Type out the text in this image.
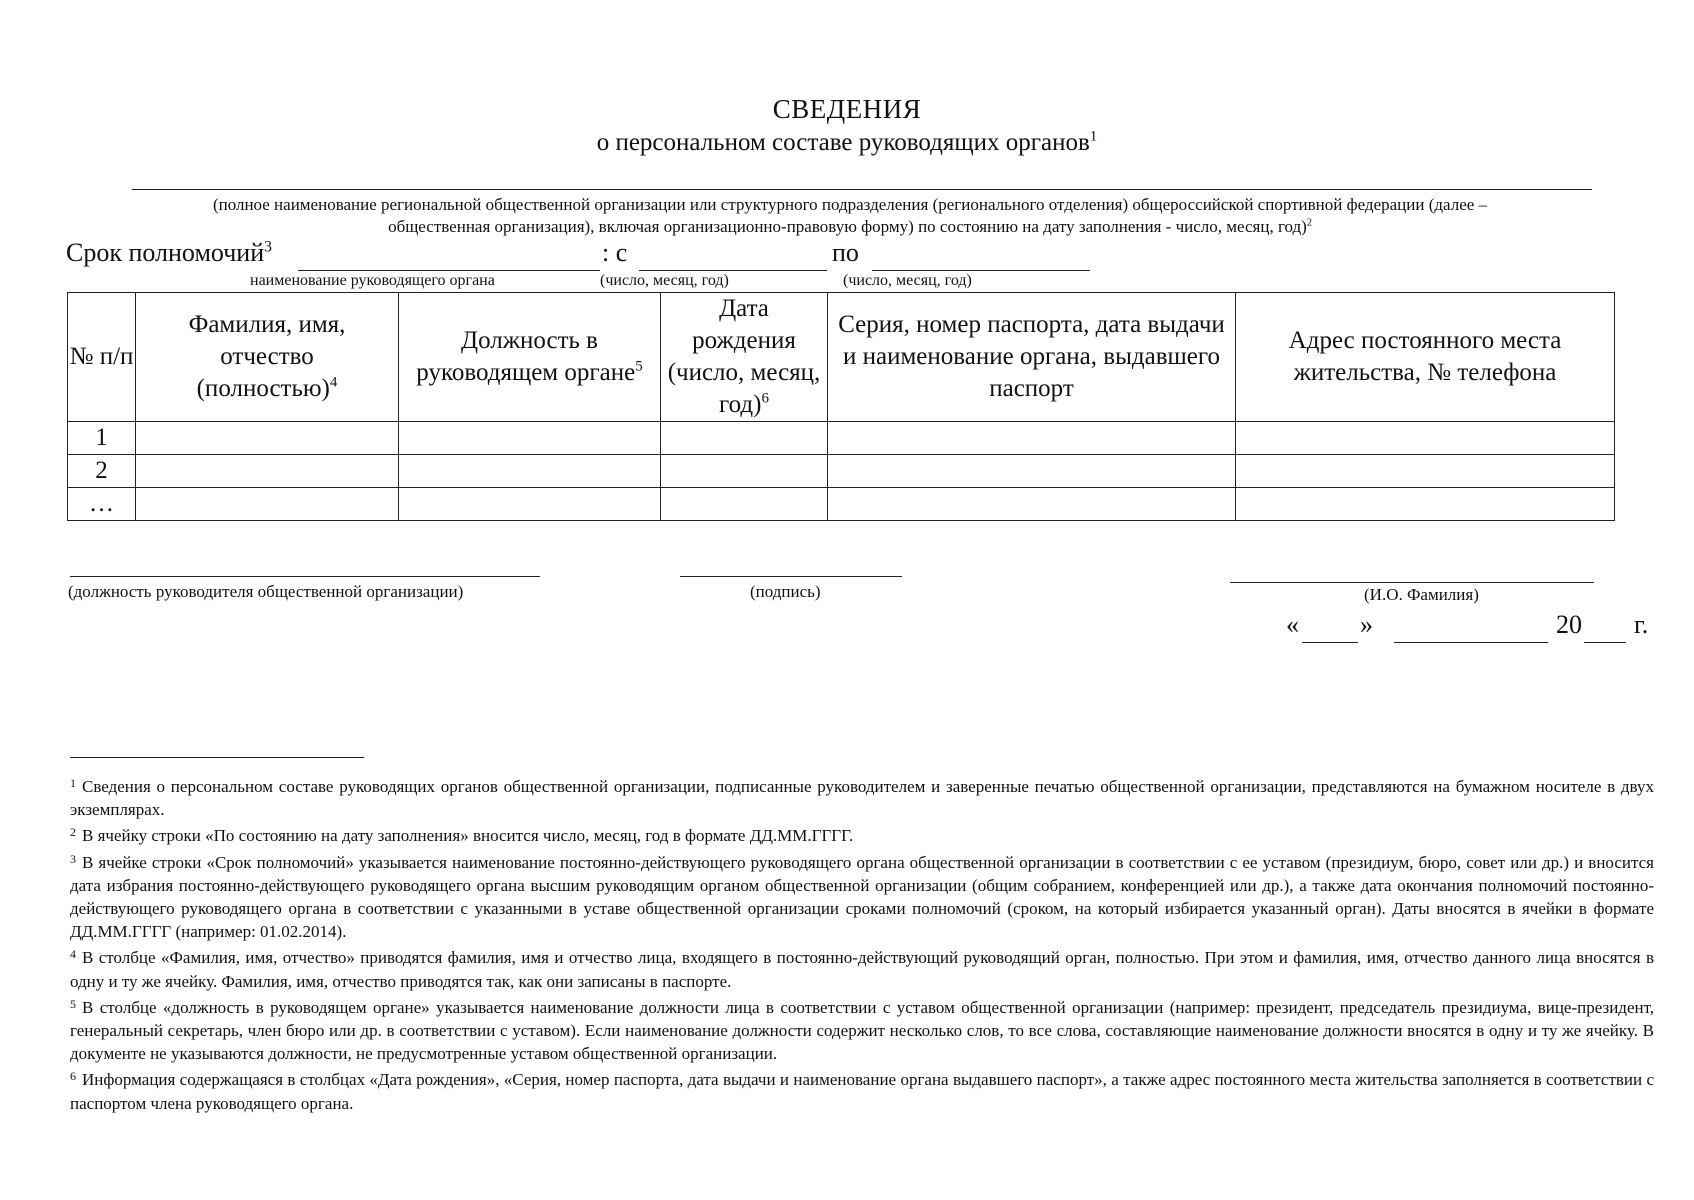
СВЕДЕНИЯ
о персональном составе руководящих органов$^1$
(полное наименование региональной общественной организации или структурного подразделения (регионального отделения) общероссийской спортивной федерации (далее –
общественная организация), включая организационно-правовую форму) по состоянию на дату заполнения - число, месяц, год)$^2$
Срок полномочий$^3$	: с	по
наименование руководящего органа	(число, месяц, год)	(число, месяц, год)
№ п/п	Фамилия, имя, отчество (полностью)$^4$	Должность в руководящем органе$^5$	Дата рождения (число, месяц, год)$^6$	Серия, номер паспорта, дата выдачи и наименование органа, выдавшего паспорт	Адрес постоянного места жительства, № телефона
1					
2					
…					
(должность руководителя общественной организации)	(подпись)	(И.О. Фамилия)
« »	20 г.

$^1$ Сведения о персональном составе руководящих органов общественной организации, подписанные руководителем и заверенные печатью общественной организации, представляются на бумажном носителе в двух экземплярах.

$^2$ В ячейку строки «По состоянию на дату заполнения» вносится число, месяц, год в формате ДД.ММ.ГГГГ.

$^3$ В ячейке строки «Срок полномочий» указывается наименование постоянно-действующего руководящего органа общественной организации в соответствии с ее уставом (президиум, бюро, совет или др.) и вносится дата избрания постоянно-действующего руководящего органа высшим руководящим органом общественной организации (общим собранием, конференцией или др.), а также дата окончания полномочий постоянно-действующего руководящего органа в соответствии с указанными в уставе общественной организации сроками полномочий (сроком, на который избирается указанный орган). Даты вносятся в ячейки в формате ДД.ММ.ГГГГ (например: 01.02.2014).

$^4$ В столбце «Фамилия, имя, отчество» приводятся фамилия, имя и отчество лица, входящего в постоянно-действующий руководящий орган, полностью. При этом и фамилия, имя, отчество данного лица вносятся в одну и ту же ячейку. Фамилия, имя, отчество приводятся так, как они записаны в паспорте.

$^5$ В столбце «должность в руководящем органе» указывается наименование должности лица в соответствии с уставом общественной организации (например: президент, председатель президиума, вице-президент, генеральный секретарь, член бюро или др. в соответствии с уставом). Если наименование должности содержит несколько слов, то все слова, составляющие наименование должности вносятся в одну и ту же ячейку. В документе не указываются должности, не предусмотренные уставом общественной организации.

$^6$ Информация содержащаяся в столбцах «Дата рождения», «Серия, номер паспорта, дата выдачи и наименование органа выдавшего паспорт», а также адрес постоянного места жительства заполняется в соответствии с паспортом члена руководящего органа.
